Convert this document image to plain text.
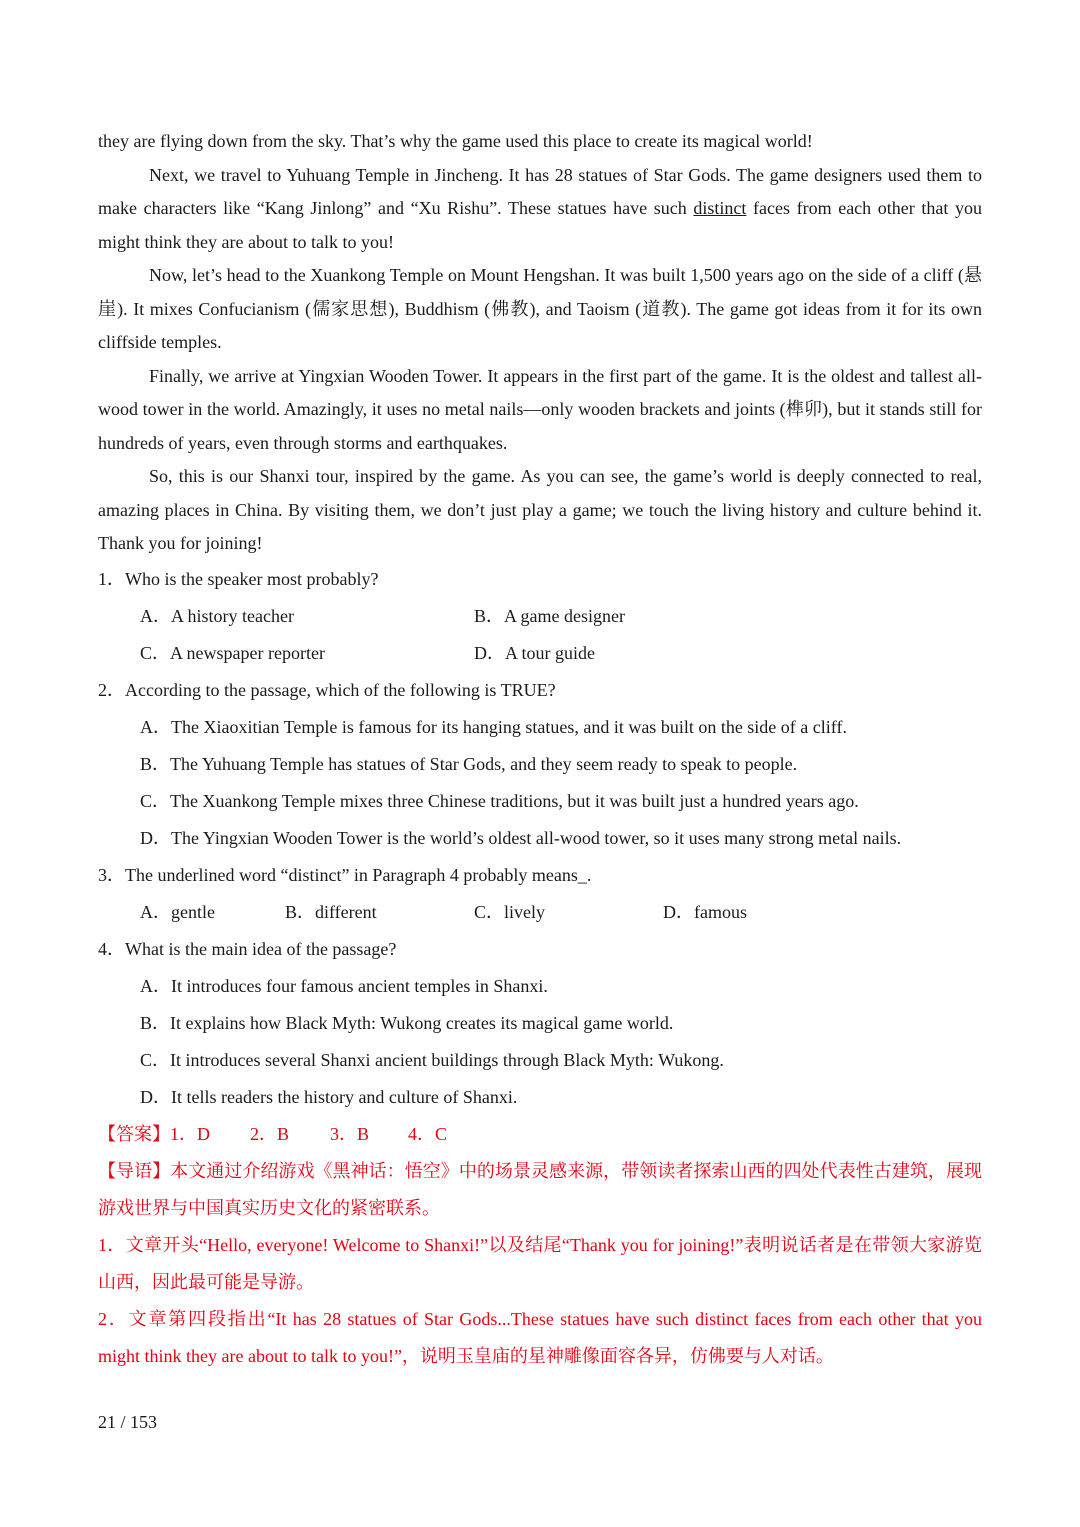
they are flying down from the sky. That’s why the game used this place to create its magical world!

Next, we travel to Yuhuang Temple in Jincheng. It has 28 statues of Star Gods. The game designers used them to make characters like “Kang Jinlong” and “Xu Rishu”. These statues have such distinct faces from each other that you might think they are about to talk to you!

Now, let’s head to the Xuankong Temple on Mount Hengshan. It was built 1,500 years ago on the side of a cliff (悬崖). It mixes Confucianism (儒家思想), Buddhism (佛教), and Taoism (道教). The game got ideas from it for its own cliffside temples.

Finally, we arrive at Yingxian Wooden Tower. It appears in the first part of the game. It is the oldest and tallest all-wood tower in the world. Amazingly, it uses no metal nails—only wooden brackets and joints (榫卯), but it stands still for hundreds of years, even through storms and earthquakes.

So, this is our Shanxi tour, inspired by the game. As you can see, the game’s world is deeply connected to real, amazing places in China. By visiting them, we don’t just play a game; we touch the living history and culture behind it. Thank you for joining!

1．Who is the speaker most probably?

A．A history teacher	B．A game designer
C．A newspaper reporter	D．A tour guide

2．According to the passage, which of the following is TRUE?

A．The Xiaoxitian Temple is famous for its hanging statues, and it was built on the side of a cliff.

B．The Yuhuang Temple has statues of Star Gods, and they seem ready to speak to people.

C．The Xuankong Temple mixes three Chinese traditions, but it was built just a hundred years ago.

D．The Yingxian Wooden Tower is the world’s oldest all-wood tower, so it uses many strong metal nails.

3．The underlined word “distinct” in Paragraph 4 probably means_.

A．gentle	B．different	C．lively	D．famous

4．What is the main idea of the passage?

A．It introduces four famous ancient temples in Shanxi.

B．It explains how Black Myth: Wukong creates its magical game world.

C．It introduces several Shanxi ancient buildings through Black Myth: Wukong.

D．It tells readers the history and culture of Shanxi.

【答案】1．D 2．B 3．B 4．C

【导语】本文通过介绍游戏《黑神话：悟空》中的场景灵感来源，带领读者探索山西的四处代表性古建筑，展现游戏世界与中国真实历史文化的紧密联系。

1．文章开头“Hello, everyone! Welcome to Shanxi!”以及结尾“Thank you for joining!”表明说话者是在带领大家游览山西，因此最可能是导游。

2．文章第四段指出“It has 28 statues of Star Gods...These statues have such distinct faces from each other that you might think they are about to talk to you!”，说明玉皇庙的星神雕像面容各异，仿佛要与人对话。

21 / 153
